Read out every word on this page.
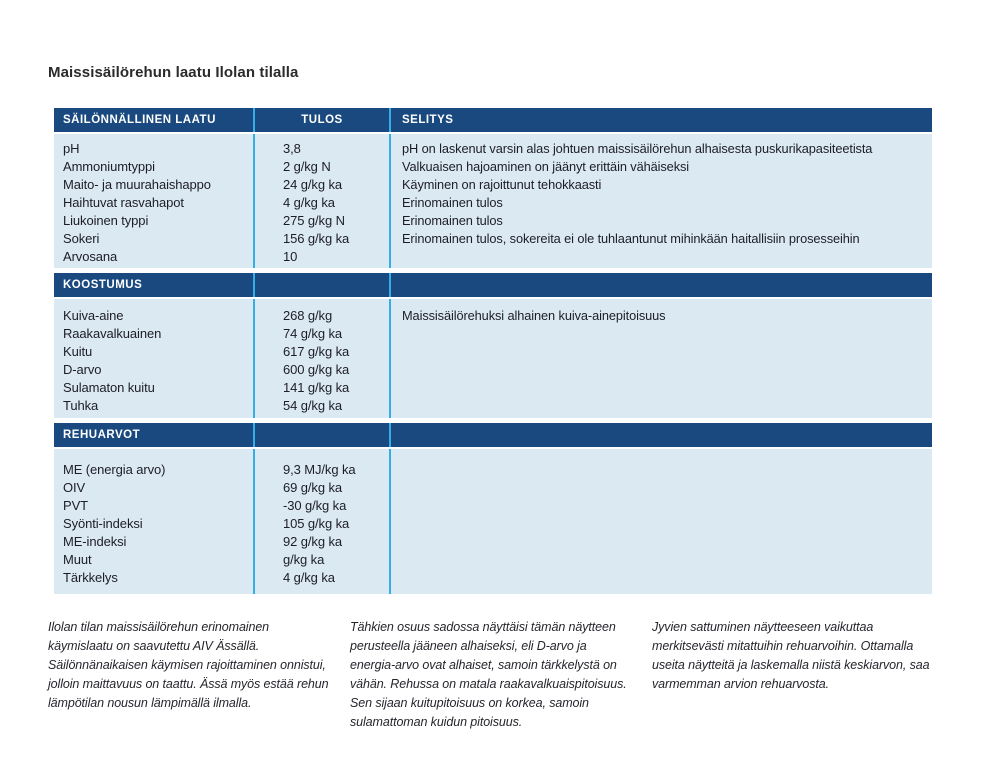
Maissisäilörehun laatu Ilolan tilalla
SÄILÖNNÄLLINEN LAATU	TULOS	SELITYS
pH
Ammoniumtyppi
Maito- ja muurahaishappo
Haihtuvat rasvahapot
Liukoinen typpi
Sokeri
Arvosana
3,8
2 g/kg N
24 g/kg ka
4 g/kg ka
275 g/kg N
156 g/kg ka
10
pH on laskenut varsin alas johtuen maissisäilörehun alhaisesta puskurikapasiteetista
Valkuaisen hajoaminen on jäänyt erittäin vähäiseksi
Käyminen on rajoittunut tehokkaasti
Erinomainen tulos
Erinomainen tulos
Erinomainen tulos, sokereita ei ole tuhlaantunut mihinkään haitallisiin prosesseihin
KOOSTUMUS
Kuiva-aine
Raakavalkuainen
Kuitu
D-arvo
Sulamaton kuitu
Tuhka
268 g/kg
74 g/kg ka
617 g/kg ka
600 g/kg ka
141 g/kg ka
54 g/kg ka
Maissisäilörehuksi alhainen kuiva-ainepitoisuus
REHUARVOT
ME (energia arvo)
OIV
PVT
Syönti-indeksi
ME-indeksi
Muut
Tärkkelys
9,3 MJ/kg ka
69 g/kg ka
-30 g/kg ka
105 g/kg ka
92 g/kg ka
g/kg ka
4 g/kg ka
Ilolan tilan maissisäilörehun erinomainen käymislaatu on saavutettu AIV Ässällä. Säilönnänaikaisen käymisen rajoittaminen onnistui, jolloin maittavuus on taattu. Ässä myös estää rehun lämpötilan nousun lämpimällä ilmalla.
Tähkien osuus sadossa näyttäisi tämän näytteen perusteella jääneen alhaiseksi, eli D-arvo ja energia-arvo ovat alhaiset, samoin tärkkelystä on vähän. Rehussa on matala raakavalkuaispitoisuus. Sen sijaan kuitupitoisuus on korkea, samoin sulamattoman kuidun pitoisuus.
Jyvien sattuminen näytteeseen vaikuttaa merkitsevästi mitattuihin rehuarvoihin. Ottamalla useita näytteitä ja laskemalla niistä keskiarvon, saa varmemman arvion rehuarvosta.
